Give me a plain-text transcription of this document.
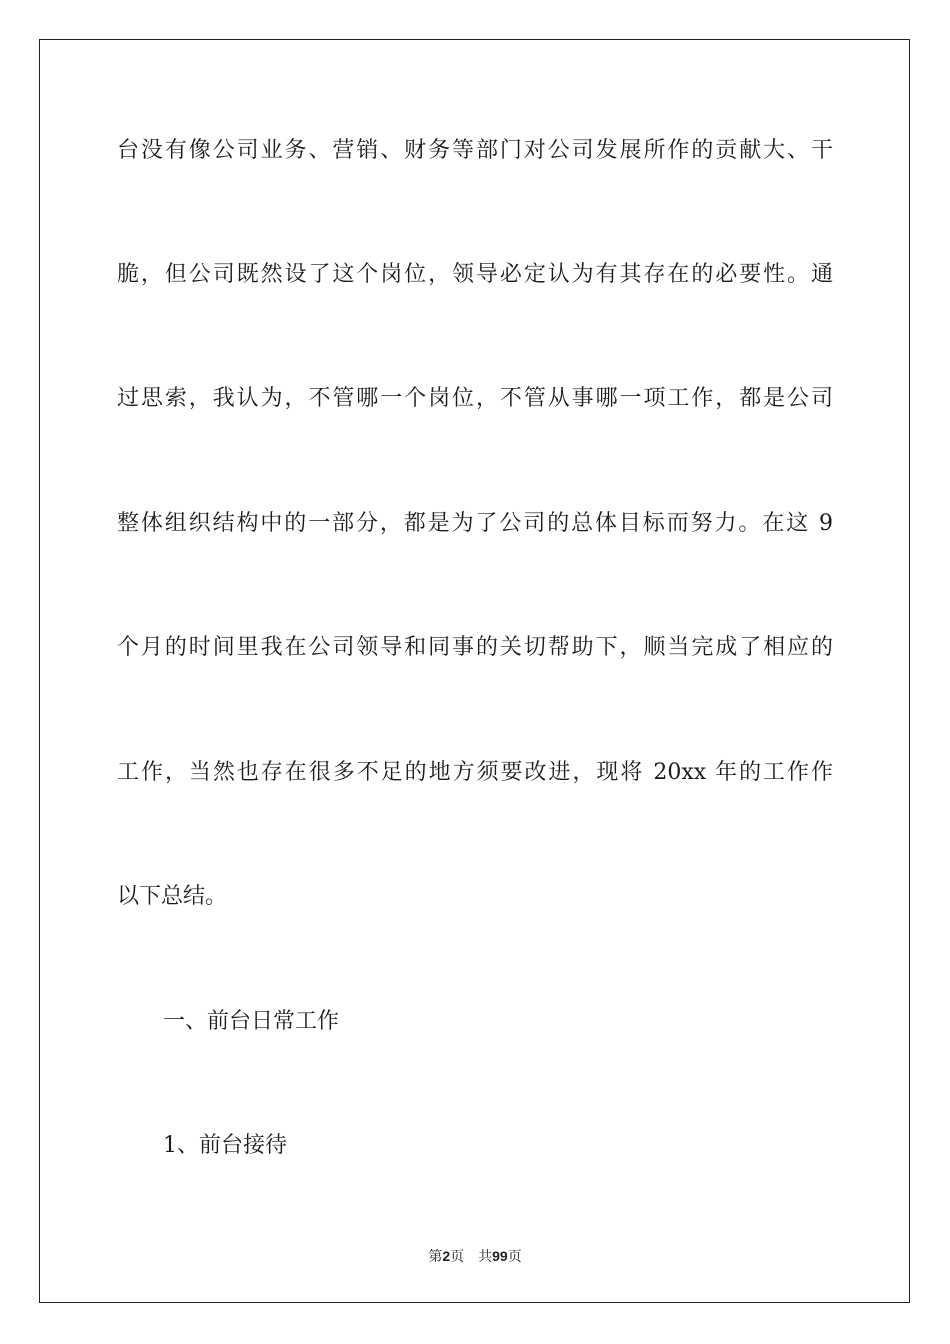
台没有像公司业务、营销、财务等部门对公司发展所作的贡献大、干
脆，但公司既然设了这个岗位，领导必定认为有其存在的必要性。通
过思索，我认为，不管哪一个岗位，不管从事哪一项工作，都是公司
整体组织结构中的一部分，都是为了公司的总体目标而努力。在这 9
个月的时间里我在公司领导和同事的关切帮助下，顺当完成了相应的
工作，当然也存在很多不足的地方须要改进，现将 20xx 年的工作作
以下总结。
一、前台日常工作
1、前台接待
第2页 共99页
